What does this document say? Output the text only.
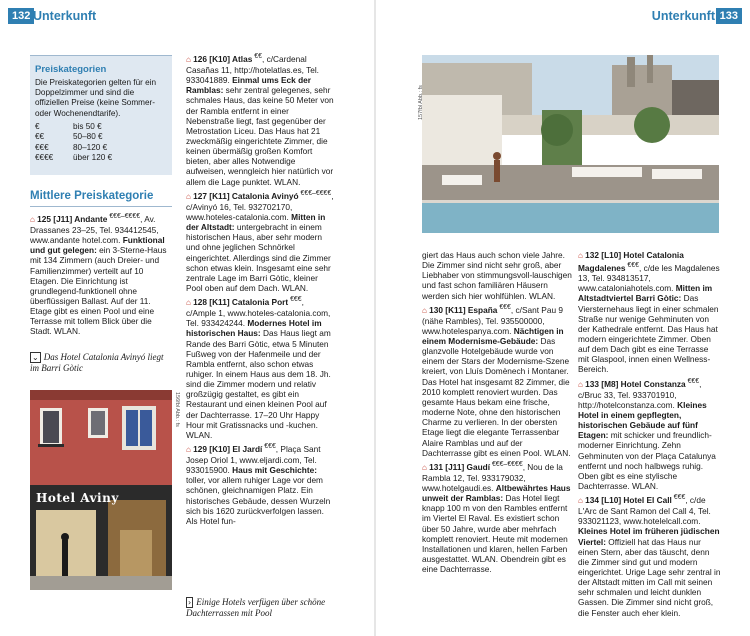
132 Unterkunft
Preiskategorien

Die Preiskategorien gelten für ein Doppelzimmer und sind die offiziellen Preise (keine Sommer- oder Wochenendtarife).

€	bis 50 €
€€	50–80 €
€€€	80–120 €
€€€€	über 120 €
Mittlere Preiskategorie

⌂ 125 [J11] Andante €€€–€€€€, Av. Drassanes 23–25, Tel. 934412545, www.andante hotel.com. Funktional und gut gelegen: ein 3-Sterne-Haus mit 134 Zimmern (auch Dreier- und Familienzimmer) verteilt auf 10 Etagen. Die Einrichtung ist grundlegend-funktionell ohne überflüssigen Ballast. Auf der 11. Etage gibt es einen Pool und eine Terrasse mit tollem Blick über die Stadt. WLAN.

⌄ Das Hotel Catalonia Avinyó liegt im Barri Gòtic
Hotel Aviny
156fbl Abb.: fs

⌂ 126 [K10] Atlas €€, c/Cardenal Casañas 11, http://hotelatlas.es, Tel. 933041889. Einmal ums Eck der Ramblas: sehr zentral gelegenes, sehr schmales Haus, das keine 50 Meter von der Rambla entfernt in einer Nebenstraße liegt, fast gegenüber der Metrostation Liceu. Das Haus hat 21 zweckmäßig eingerichtete Zimmer, die keinen übermäßig großen Komfort bieten, aber alles Notwendige aufweisen, wenngleich hier natürlich vor allem die Lage punktet. WLAN.

⌂ 127 [K11] Catalonia Avinyó €€€–€€€€, c/Avinyó 16, Tel. 932702170, www.hoteles-catalonia.com. Mitten in der Altstadt: untergebracht in einem historischen Haus, aber sehr modern und ohne jeglichen Schnörkel eingerichtet. Allerdings sind die Zimmer schon etwas klein. Insgesamt eine sehr zentrale Lage im Barri Gòtic, kleiner Pool oben auf dem Dach. WLAN.

⌂ 128 [K11] Catalonia Port €€€, c/Ample 1, www.hoteles-catalonia.com, Tel. 933424244. Modernes Hotel im historischen Haus: Das Haus liegt am Rande des Barri Gòtic, etwa 5 Minuten Fußweg von der Hafenmeile und der Rambla entfernt, also schon etwas ruhiger. In einem Haus aus dem 18. Jh. sind die Zimmer modern und relativ großzügig gestaltet, es gibt ein Restaurant und einen kleinen Pool auf der Dachterrasse. 17–20 Uhr Happy Hour mit Gratissnacks und -kuchen. WLAN.

⌂ 129 [K10] El Jardí €€€, Plaça Sant Josep Oriol 1, www.eljardi.com, Tel. 933015900. Haus mit Geschichte: toller, vor allem ruhiger Lage vor dem schönen, gleichnamigen Platz. Ein historisches Gebäude, dessen Wurzeln sich bis 1620 zurückverfolgen lassen. Als Hotel fun-

› Einige Hotels verfügen über schöne Dachterrassen mit Pool
Unterkunft 133
157fbl Abb.: fs

giert das Haus auch schon viele Jahre. Die Zimmer sind nicht sehr groß, aber Liebhaber von stimmungsvoll-lauschigen und fast schon familiären Häusern werden sich hier wohlfühlen. WLAN.

⌂ 130 [K11] España €€€, c/Sant Pau 9 (nähe Rambles), Tel. 935500000, www.hotelespanya.com. Nächtigen in einem Modernisme-Gebäude: Das glanzvolle Hotelgebäude wurde von einem der Stars der Modernisme-Szene kreiert, von Lluís Domènech i Montaner. Das Hotel hat insgesamt 82 Zimmer, die 2010 komplett renoviert wurden. Das gesamte Haus bekam eine frische, moderne Note, ohne den historischen Charme zu verlieren. In der obersten Etage liegt die elegante Terrassenbar Alaire Ramblas und auf der Dachterrasse gibt es einen Pool. WLAN.

⌂ 131 [J11] Gaudí €€€–€€€€, Nou de la Rambla 12, Tel. 933179032, www.hotelgaudi.es. Altbewährtes Haus unweit der Ramblas: Das Hotel liegt knapp 100 m von den Rambles entfernt im Viertel El Raval. Es existiert schon über 50 Jahre, wurde aber mehrfach komplett renoviert. Heute mit modernen Installationen und klaren, hellen Farben ausgestattet. WLAN. Obendrein gibt es eine Dachterrasse.

⌂ 132 [L10] Hotel Catalonia Magdalenes €€€, c/de les Magdalenes 13, Tel. 934813517, www.cataloniahotels.com. Mitten im Altstadtviertel Barri Gòtic: Das Viersternehaus liegt in einer schmalen Straße nur wenige Gehminuten von der Kathedrale entfernt. Das Haus hat modern eingerichtete Zimmer. Oben auf dem Dach gibt es eine Terrasse mit Glaspool, innen einen Wellness-Bereich.

⌂ 133 [M8] Hotel Constanza €€€, c/Bruc 33, Tel. 933701910, http://hotelconstanza.com. Kleines Hotel in einem gepflegten, historischen Gebäude auf fünf Etagen: mit schicker und freundlich-moderner Einrichtung. Zehn Gehminuten von der Plaça Catalunya entfernt und noch halbwegs ruhig. Oben gibt es eine stylische Dachterrasse. WLAN.

⌂ 134 [L10] Hotel El Call €€€, c/de L'Arc de Sant Ramon del Call 4, Tel. 933021123, www.hotelelcall.com. Kleines Hotel im früheren jüdischen Viertel: Offiziell hat das Haus nur einen Stern, aber das täuscht, denn die Zimmer sind gut und modern eingerichtet. Urige Lage sehr zentral in der Altstadt mitten im Call mit seinen sehr schmalen und leicht dunklen Gassen. Die Zimmer sind nicht groß, die Fenster auch eher klein.
